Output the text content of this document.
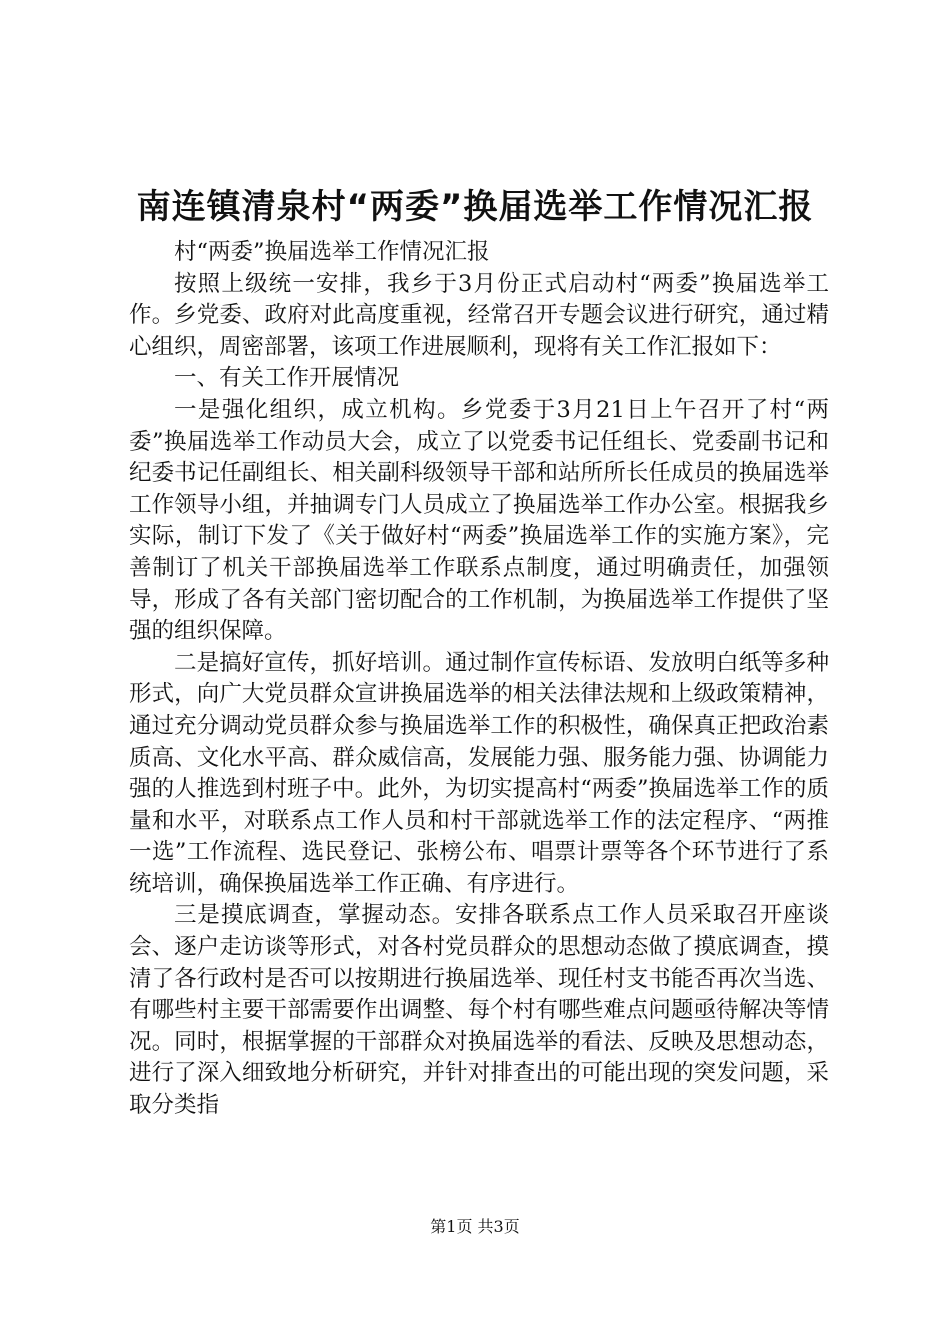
南连镇清泉村“两委”换届选举工作情况汇报

村“两委”换届选举工作情况汇报

按照上级统一安排，我乡于3月份正式启动村“两委”换届选举工作。乡党委、政府对此高度重视，经常召开专题会议进行研究，通过精心组织，周密部署，该项工作进展顺利，现将有关工作汇报如下：

一、有关工作开展情况

一是强化组织，成立机构。乡党委于3月21日上午召开了村“两委”换届选举工作动员大会，成立了以党委书记任组长、党委副书记和纪委书记任副组长、相关副科级领导干部和站所所长任成员的换届选举工作领导小组，并抽调专门人员成立了换届选举工作办公室。根据我乡实际，制订下发了《关于做好村“两委”换届选举工作的实施方案》，完善制订了机关干部换届选举工作联系点制度，通过明确责任，加强领导，形成了各有关部门密切配合的工作机制，为换届选举工作提供了坚强的组织保障。

二是搞好宣传，抓好培训。通过制作宣传标语、发放明白纸等多种形式，向广大党员群众宣讲换届选举的相关法律法规和上级政策精神，通过充分调动党员群众参与换届选举工作的积极性，确保真正把政治素质高、文化水平高、群众威信高，发展能力强、服务能力强、协调能力强的人推选到村班子中。此外，为切实提高村“两委”换届选举工作的质量和水平，对联系点工作人员和村干部就选举工作的法定程序、“两推一选”工作流程、选民登记、张榜公布、唱票计票等各个环节进行了系统培训，确保换届选举工作正确、有序进行。

三是摸底调查，掌握动态。安排各联系点工作人员采取召开座谈会、逐户走访谈等形式，对各村党员群众的思想动态做了摸底调查，摸清了各行政村是否可以按期进行换届选举、现任村支书能否再次当选、有哪些村主要干部需要作出调整、每个村有哪些难点问题亟待解决等情况。同时，根据掌握的干部群众对换届选举的看法、反映及思想动态，进行了深入细致地分析研究，并针对排查出的可能出现的突发问题，采取分类指

第1页 共3页
